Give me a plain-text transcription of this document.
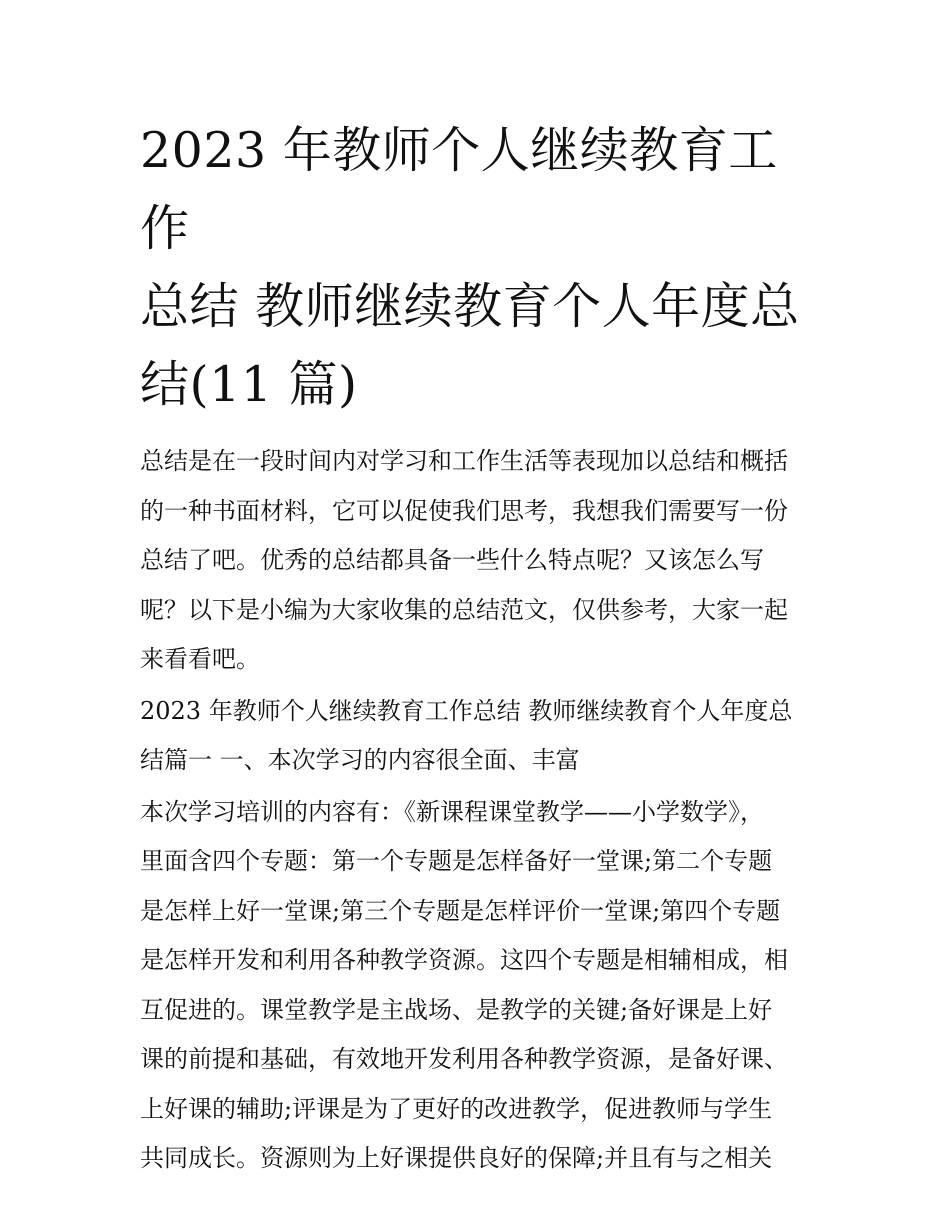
2023 年教师个人继续教育工作
总结 教师继续教育个人年度总
结(11 篇)

总结是在一段时间内对学习和工作生活等表现加以总结和概括
的一种书面材料，它可以促使我们思考，我想我们需要写一份
总结了吧。优秀的总结都具备一些什么特点呢？又该怎么写
呢？以下是小编为大家收集的总结范文，仅供参考，大家一起
来看看吧。

2023 年教师个人继续教育工作总结 教师继续教育个人年度总
结篇一 一、本次学习的内容很全面、丰富

本次学习培训的内容有：《新课程课堂教学——小学数学》，
里面含四个专题：第一个专题是怎样备好一堂课;第二个专题
是怎样上好一堂课;第三个专题是怎样评价一堂课;第四个专题
是怎样开发和利用各种教学资源。这四个专题是相辅相成，相
互促进的。课堂教学是主战场、是教学的关键;备好课是上好
课的前提和基础，有效地开发利用各种教学资源，是备好课、
上好课的辅助;评课是为了更好的改进教学，促进教师与学生
共同成长。资源则为上好课提供良好的保障;并且有与之相关
